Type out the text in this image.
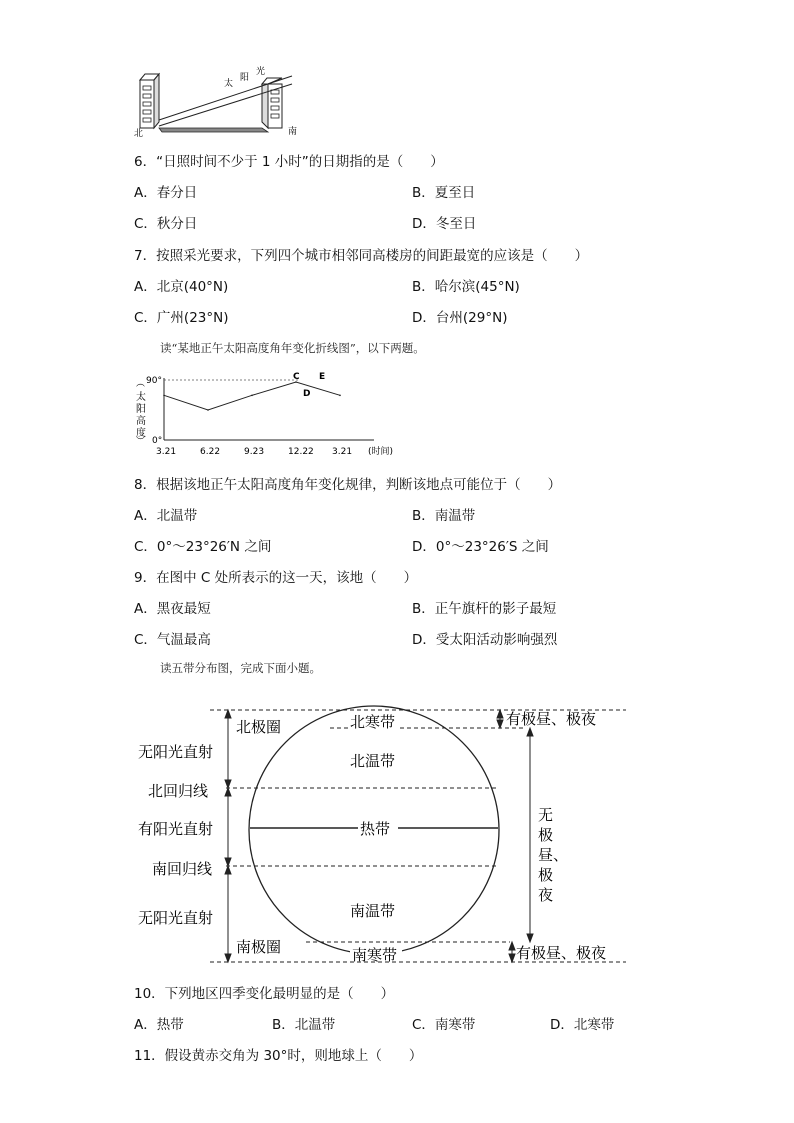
太
阳
光
北	南
6．“日照时间不少于 1 小时”的日期指的是（　　）
A．春分日	B．夏至日
C．秋分日	D．冬至日
7．按照采光要求，下列四个城市相邻同高楼房的间距最宽的应该是（　　）
A．北京(40°N)	B．哈尔滨(45°N)
C．广州(23°N)	D．台州(29°N)
读“某地正午太阳高度角年变化折线图”，以下两题。
︵
太
阳
高
度
︶
90°
0°
3.21	6.22	9.23	12.22 3.21 (时间)
C
D
E
8．根据该地正午太阳高度角年变化规律，判断该地点可能位于（　　）
A．北温带	B．南温带
C．0°～23°26′N 之间	D．0°～23°26′S 之间
9．在图中 C 处所表示的这一天，该地（　　）
A．黑夜最短	B．正午旗杆的影子最短
C．气温最高	D．受太阳活动影响强烈
读五带分布图，完成下面小题。
北极圈
无阳光直射
北回归线
有阳光直射
南回归线
无阳光直射
南极圈
北寒带
北温带
热带
南温带
南寒带
有极昼、极夜
无
极
昼、
极
夜
有极昼、极夜
10．下列地区四季变化最明显的是（　　）
A．热带	B．北温带	C．南寒带	D．北寒带
11．假设黄赤交角为 30°时，则地球上（　　）
